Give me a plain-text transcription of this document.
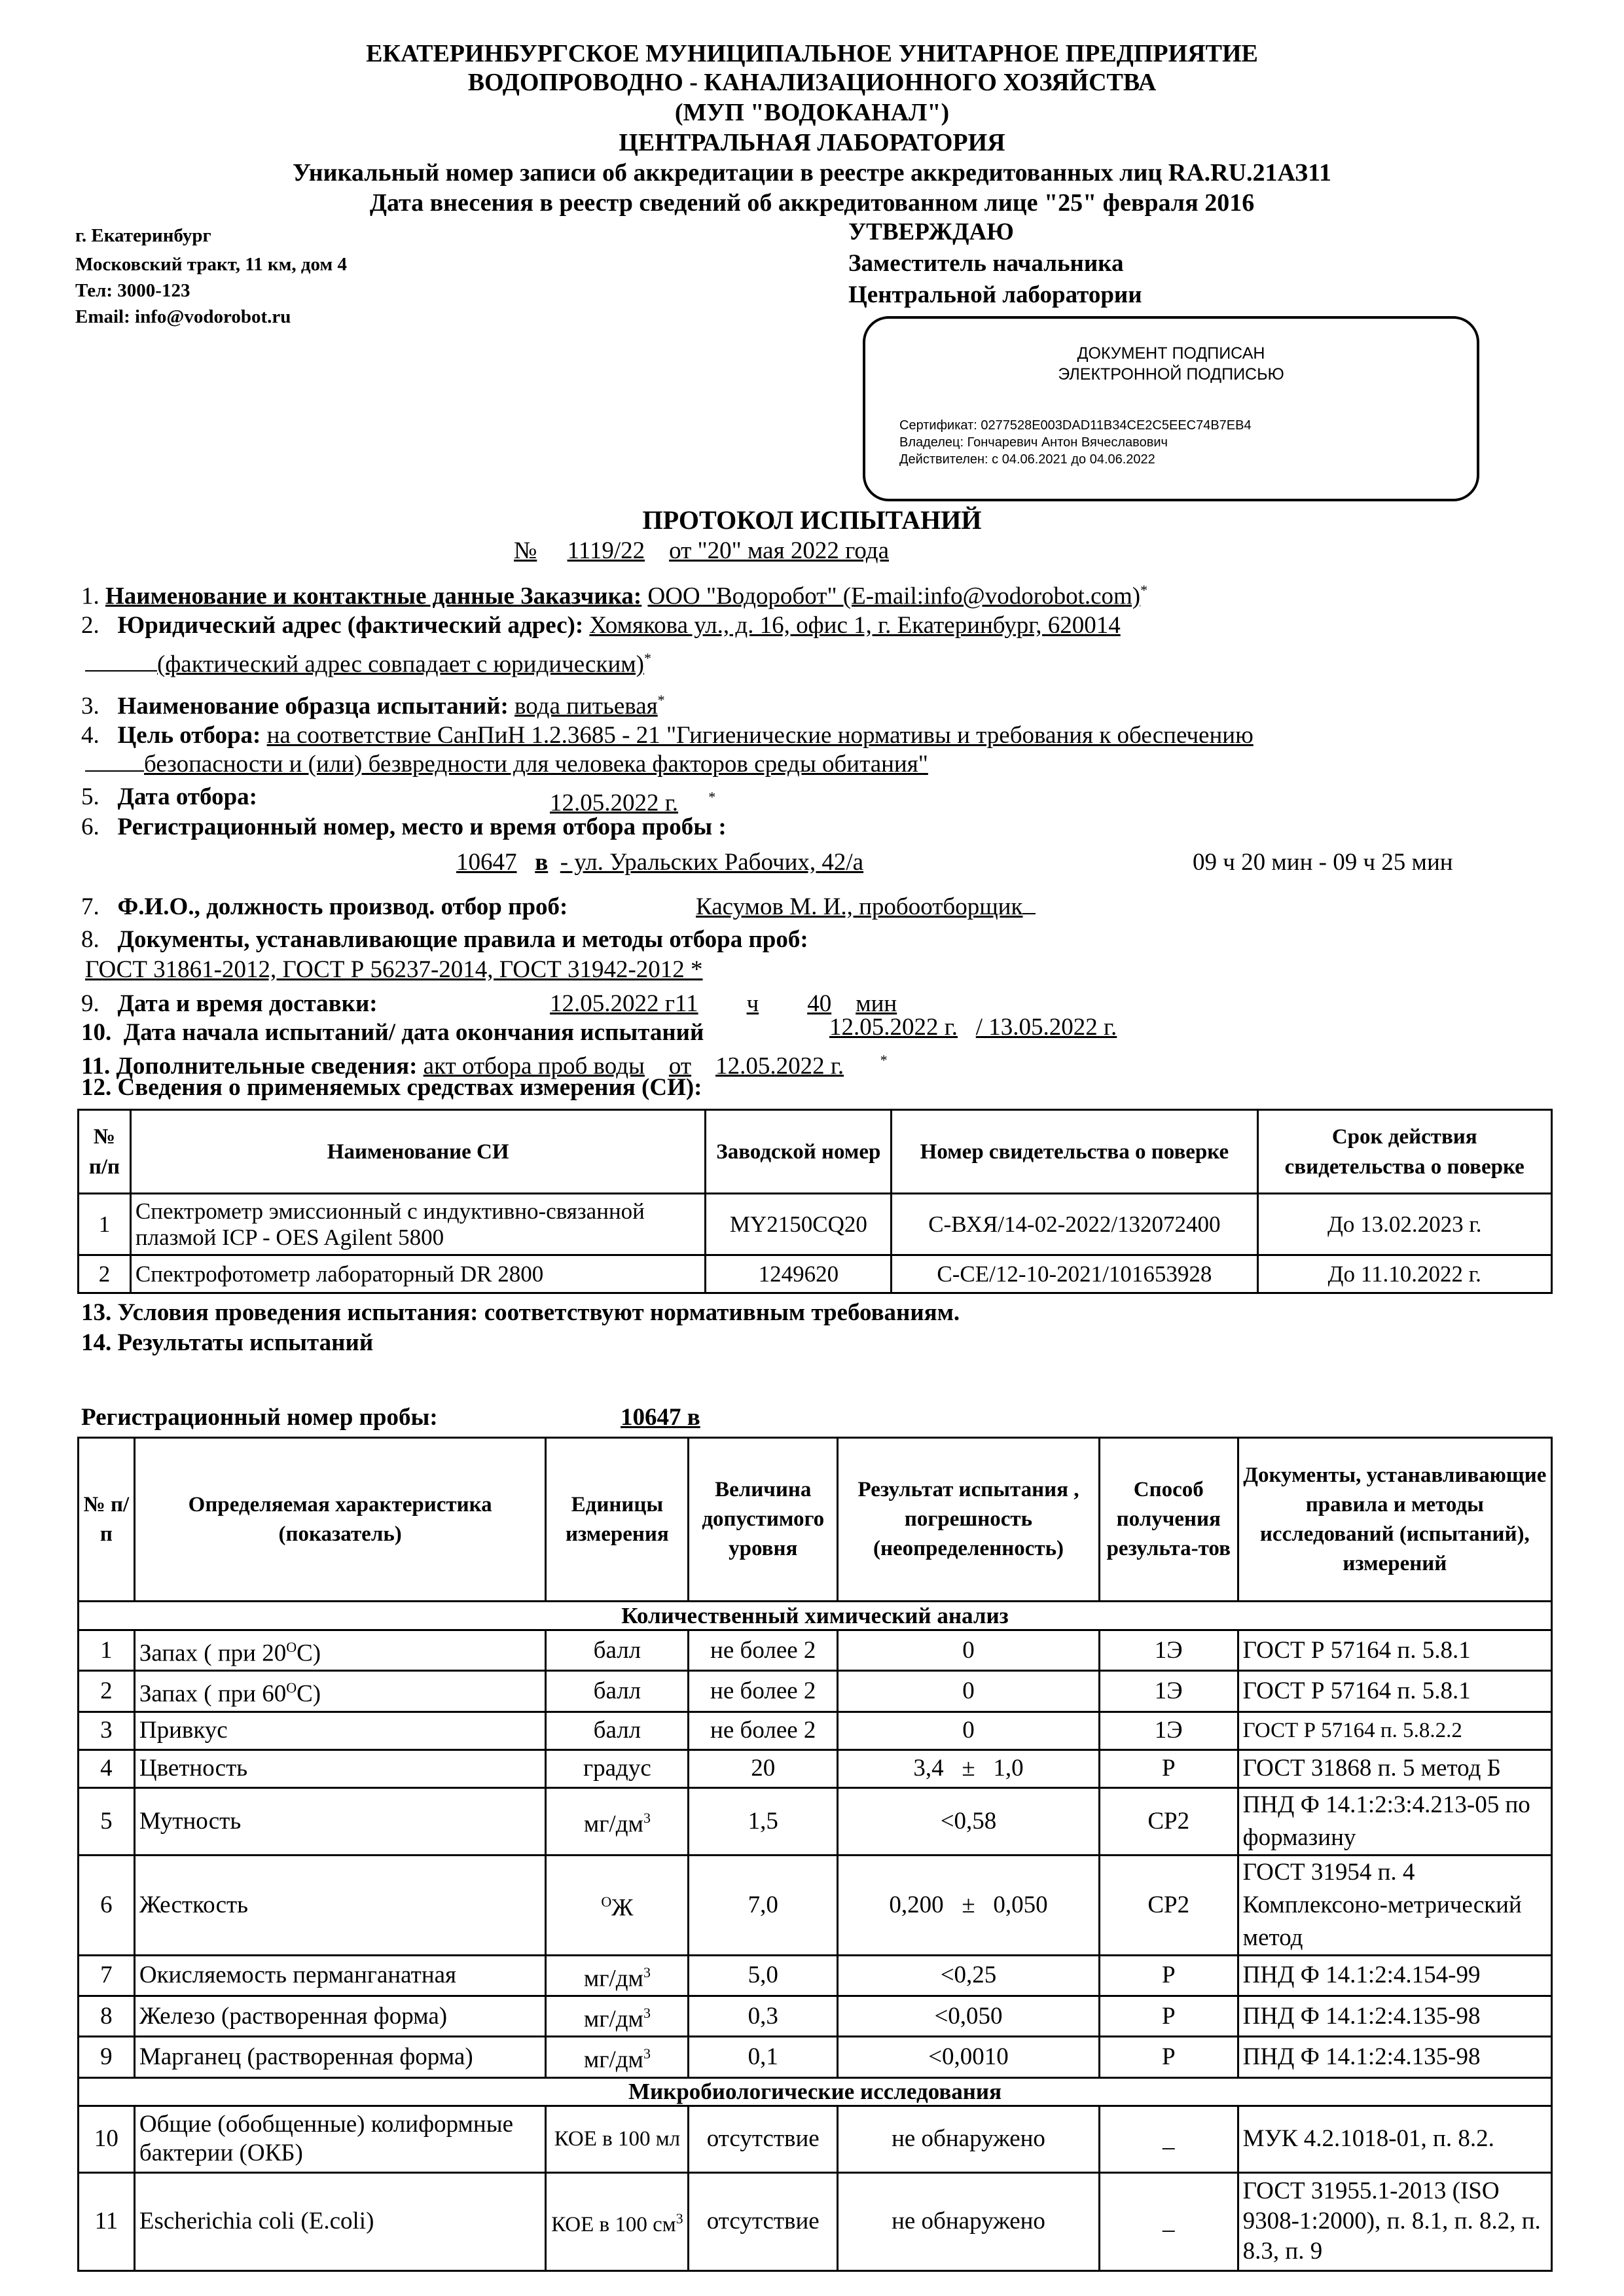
ЕКАТЕРИНБУРГСКОЕ МУНИЦИПАЛЬНОЕ УНИТАРНОЕ ПРЕДПРИЯТИЕ
ВОДОПРОВОДНО - КАНАЛИЗАЦИОННОГО ХОЗЯЙСТВА
(МУП "ВОДОКАНАЛ")
ЦЕНТРАЛЬНАЯ ЛАБОРАТОРИЯ
Уникальный номер записи об аккредитации в реестре аккредитованных лиц RA.RU.21АЗ11
Дата внесения в реестр сведений об аккредитованном лице "25" февраля 2016
г. Екатеринбург
Московский тракт, 11 км, дом 4
Тел: 3000-123
Email: info@vodorobot.ru
УТВЕРЖДАЮ
Заместитель начальника
Центральной лаборатории
ДОКУМЕНТ ПОДПИСАН
ЭЛЕКТРОННОЙ ПОДПИСЬЮ
Сертификат: 0277528E003DAD11B34CE2C5EEC74B7EB4
Владелец: Гончаревич Антон Вячеславович
Действителен: с 04.06.2021 до 04.06.2022
ПРОТОКОЛ ИСПЫТАНИЙ
№ 1119/22 от "20" мая 2022 года
1. Наименование и контактные данные Заказчика: ООО "Водоробот" (E-mail:info@vodorobot.com)*
2. Юридический адрес (фактический адрес): Хомякова ул., д. 16, офис 1, г. Екатеринбург, 620014
(фактический адрес совпадает с юридическим)*
3. Наименование образца испытаний: вода питьевая*
4. Цель отбора: на соответствие СанПиН 1.2.3685 - 21 "Гигиенические нормативы и требования к обеспечению
безопасности и (или) безвредности для человека факторов среды обитания"
5. Дата отбора:	12.05.2022 г. *
6. Регистрационный номер, место и время отбора пробы :
10647 в - ул. Уральских Рабочих, 42/а	09 ч 20 мин - 09 ч 25 мин
7. Ф.И.О., должность производ. отбор проб:	Касумов М. И., пробоотборщик
8. Документы, устанавливающие правила и методы отбора проб:
ГОСТ 31861-2012, ГОСТ Р 56237-2014, ГОСТ 31942-2012 *
9. Дата и время доставки:	12.05.2022 г11 ч 40 мин
10. Дата начала испытаний/ дата окончания испытаний	12.05.2022 г. / 13.05.2022 г.
11. Дополнительные сведения: акт отбора проб воды от 12.05.2022 г.	*
12. Сведения о применяемых средствах измерения (СИ):
№ п/п	Наименование СИ	Заводской номер	Номер свидетельства о поверке	Срок действия свидетельства о поверке
1	Спектрометр эмиссионный с индуктивно-связанной плазмой ICP - OES Agilent 5800	MY2150CQ20	С-ВХЯ/14-02-2022/132072400	До 13.02.2023 г.
2	Спектрофотометр лабораторный DR 2800	1249620	С-СЕ/12-10-2021/101653928	До 11.10.2022 г.
13. Условия проведения испытания: соответствуют нормативным требованиям.
14. Результаты испытаний
Регистрационный номер пробы:	10647 в
№ п/п	Определяемая характеристика (показатель)	Единицы измерения	Величина допустимого уровня	Результат испытания , погрешность (неопределенность)	Способ получения результа-тов	Документы, устанавливающие правила и методы исследований (испытаний), измерений
Количественный химический анализ						
1	Запах ( при $20^ОС$)	балл	не более 2	0	1Э	ГОСТ Р 57164 п. 5.8.1
2	Запах ( при $60^ОС$)	балл	не более 2	0	1Э	ГОСТ Р 57164 п. 5.8.1
3	Привкус	балл	не более 2	0	1Э	ГОСТ Р 57164 п. 5.8.2.2
4	Цветность	градус	20	3,4   ±   1,0	Р	ГОСТ 31868 п. 5 метод Б
5	Мутность	$мг/дм^3$	1,5	<0,58	СР2	ПНД Ф 14.1:2:3:4.213-05 по формазину
6	Жесткость	$^О$Ж	7,0	0,200   ±   0,050	СР2	ГОСТ 31954 п. 4 Комплексоно-метрический метод
7	Окисляемость перманганатная	$мг/дм^3$	5,0	<0,25	Р	ПНД Ф 14.1:2:4.154-99
8	Железо (растворенная форма)	$мг/дм^3$	0,3	<0,050	Р	ПНД Ф 14.1:2:4.135-98
9	Марганец (растворенная форма)	$мг/дм^3$	0,1	<0,0010	Р	ПНД Ф 14.1:2:4.135-98
Микробиологические исследования						
10	Общие (обобщенные) колиформные бактерии (ОКБ)	КОЕ в 100 мл	отсутствие	не обнаружено	_	МУК 4.2.1018-01, п. 8.2.
11	Escherichia coli (E.coli)	КОЕ в 100 $см^3$	отсутствие	не обнаружено	_	ГОСТ 31955.1-2013 (ISO 9308-1:2000), п. 8.1, п. 8.2, п. 8.3, п. 9
